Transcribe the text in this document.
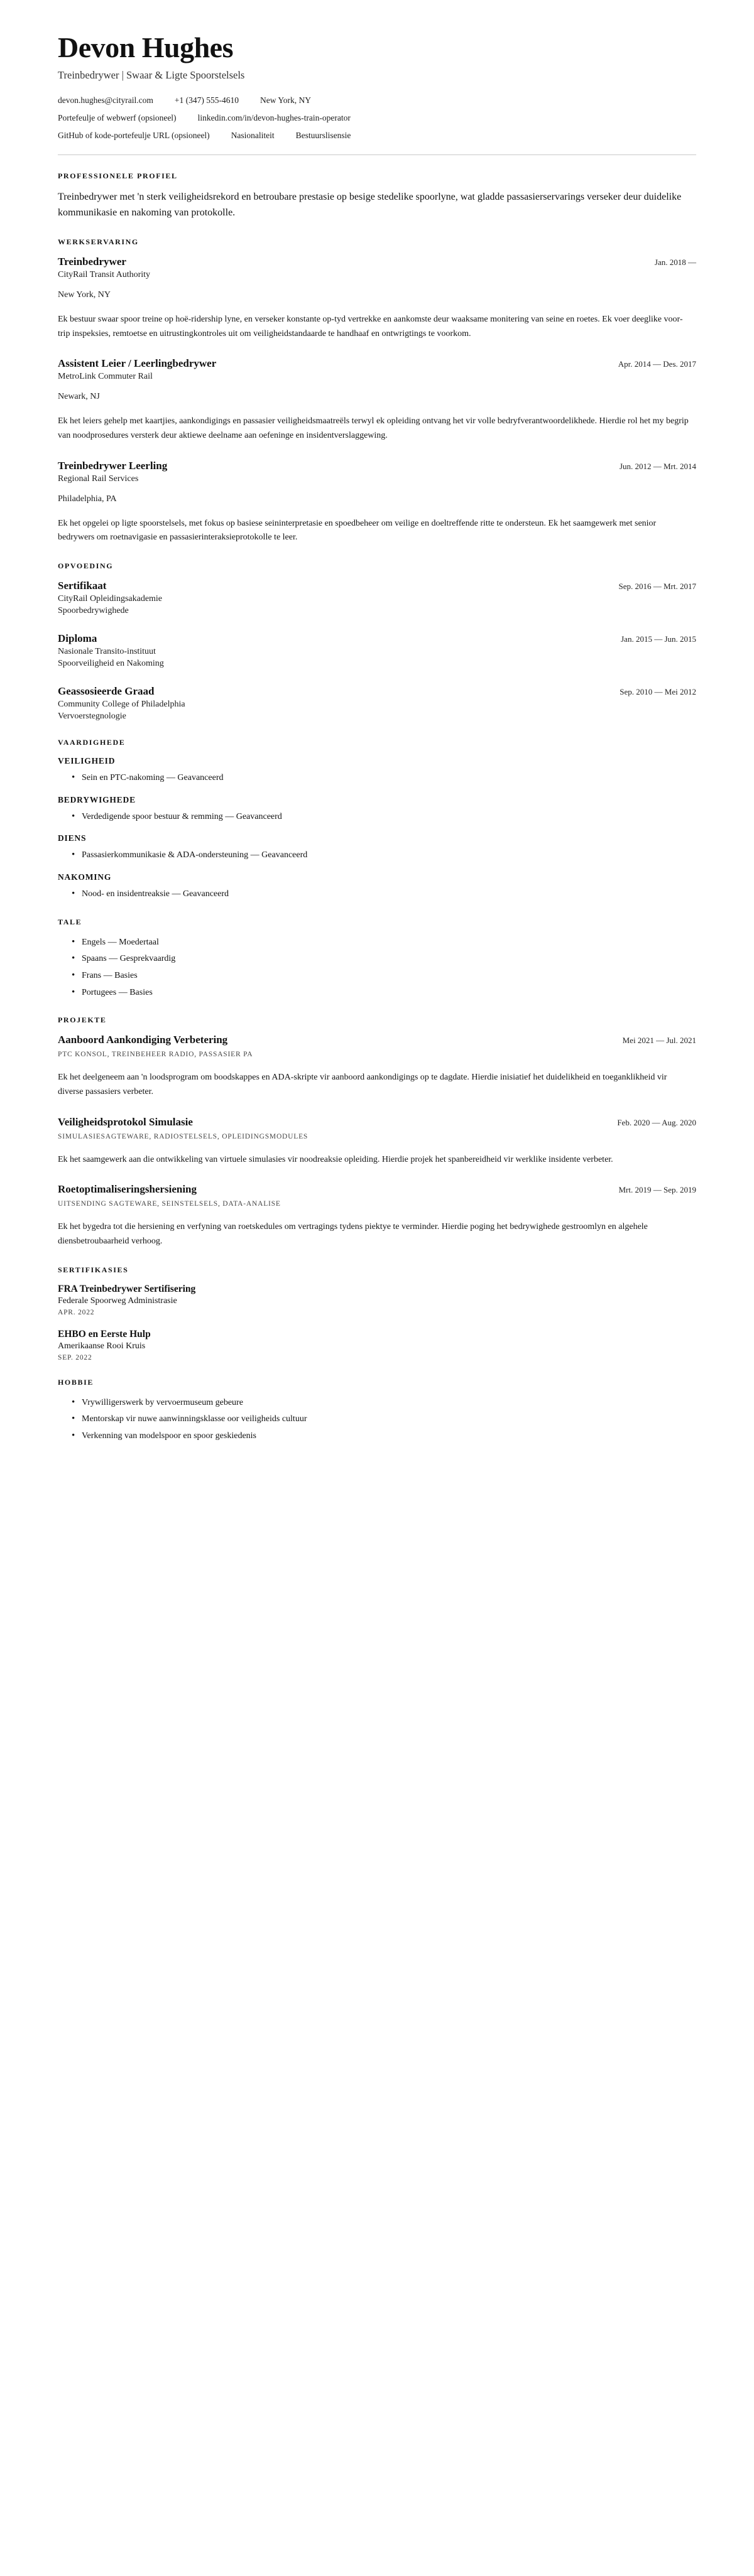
Devon Hughes

Treinbedrywer | Swaar & Ligte Spoorstelsels

devon.hughes@cityrail.com	+1 (347) 555-4610	New York, NY
Portefeulje of webwerf (opsioneel)	linkedin.com/in/devon-hughes-train-operator
GitHub of kode-portefeulje URL (opsioneel)	Nasionaliteit	Bestuurslisensie
PROFESSIONELE PROFIEL

Treinbedrywer met 'n sterk veiligheidsrekord en betroubare prestasie op besige stedelike spoorlyne, wat gladde passasierservarings verseker deur duidelike kommunikasie en nakoming van protokolle.

WERKSERVARING
Treinbedrywer	Jan. 2018 —

CityRail Transit Authority

New York, NY

Ek bestuur swaar spoor treine op hoë-ridership lyne, en verseker konstante op-tyd vertrekke en aankomste deur waaksame monitering van seine en roetes. Ek voer deeglike voor-trip inspeksies, remtoetse en uitrustingkontroles uit om veiligheidstandaarde te handhaaf en ontwrigtings te voorkom.

Assistent Leier / Leerlingbedrywer	Apr. 2014 — Des. 2017

MetroLink Commuter Rail

Newark, NJ

Ek het leiers gehelp met kaartjies, aankondigings en passasier veiligheidsmaatreëls terwyl ek opleiding ontvang het vir volle bedryfverantwoordelikhede. Hierdie rol het my begrip van noodprosedures versterk deur aktiewe deelname aan oefeninge en insidentverslaggewing.

Treinbedrywer Leerling	Jun. 2012 — Mrt. 2014

Regional Rail Services

Philadelphia, PA

Ek het opgelei op ligte spoorstelsels, met fokus op basiese seininterpretasie en spoedbeheer om veilige en doeltreffende ritte te ondersteun. Ek het saamgewerk met senior bedrywers om roetnavigasie en passasierinteraksieprotokolle te leer.

OPVOEDING
Sertifikaat	Sep. 2016 — Mrt. 2017

CityRail Opleidingsakademie

Spoorbedrywighede

Diploma	Jan. 2015 — Jun. 2015

Nasionale Transito-instituut

Spoorveiligheid en Nakoming

Geassosieerde Graad	Sep. 2010 — Mei 2012

Community College of Philadelphia

Vervoerstegnologie

VAARDIGHEDE
VEILIGHEID
• Sein en PTC-nakoming — Geavanceerd
BEDRYWIGHEDE
• Verdedigende spoor bestuur & remming — Geavanceerd
DIENS
• Passasierkommunikasie & ADA-ondersteuning — Geavanceerd
NAKOMING
• Nood- en insidentreaksie — Geavanceerd
TALE
• Engels — Moedertaal
• Spaans — Gesprekvaardig
• Frans — Basies
• Portugees — Basies
PROJEKTE
Aanboord Aankondiging Verbetering	Mei 2021 — Jul. 2021

PTC KONSOL, TREINBEHEER RADIO, PASSASIER PA

Ek het deelgeneem aan 'n loodsprogram om boodskappes en ADA-skripte vir aanboord aankondigings op te dagdate. Hierdie inisiatief het duidelikheid en toeganklikheid vir diverse passasiers verbeter.

Veiligheidsprotokol Simulasie	Feb. 2020 — Aug. 2020

SIMULASIESAGTEWARE, RADIOSTELSELS, OPLEIDINGSMODULES

Ek het saamgewerk aan die ontwikkeling van virtuele simulasies vir noodreaksie opleiding. Hierdie projek het spanbereidheid vir werklike insidente verbeter.

Roetoptimaliseringshersiening	Mrt. 2019 — Sep. 2019

UITSENDING SAGTEWARE, SEINSTELSELS, DATA-ANALISE

Ek het bygedra tot die hersiening en verfyning van roetskedules om vertragings tydens piektye te verminder. Hierdie poging het bedrywighede gestroomlyn en algehele diensbetroubaarheid verhoog.

SERTIFIKASIES

FRA Treinbedrywer Sertifisering

Federale Spoorweg Administrasie

APR. 2022

EHBO en Eerste Hulp

Amerikaanse Rooi Kruis

SEP. 2022

HOBBIE
• Vrywilligerswerk by vervoermuseum gebeure
• Mentorskap vir nuwe aanwinningsklasse oor veiligheids cultuur
• Verkenning van modelspoor en spoor geskiedenis
